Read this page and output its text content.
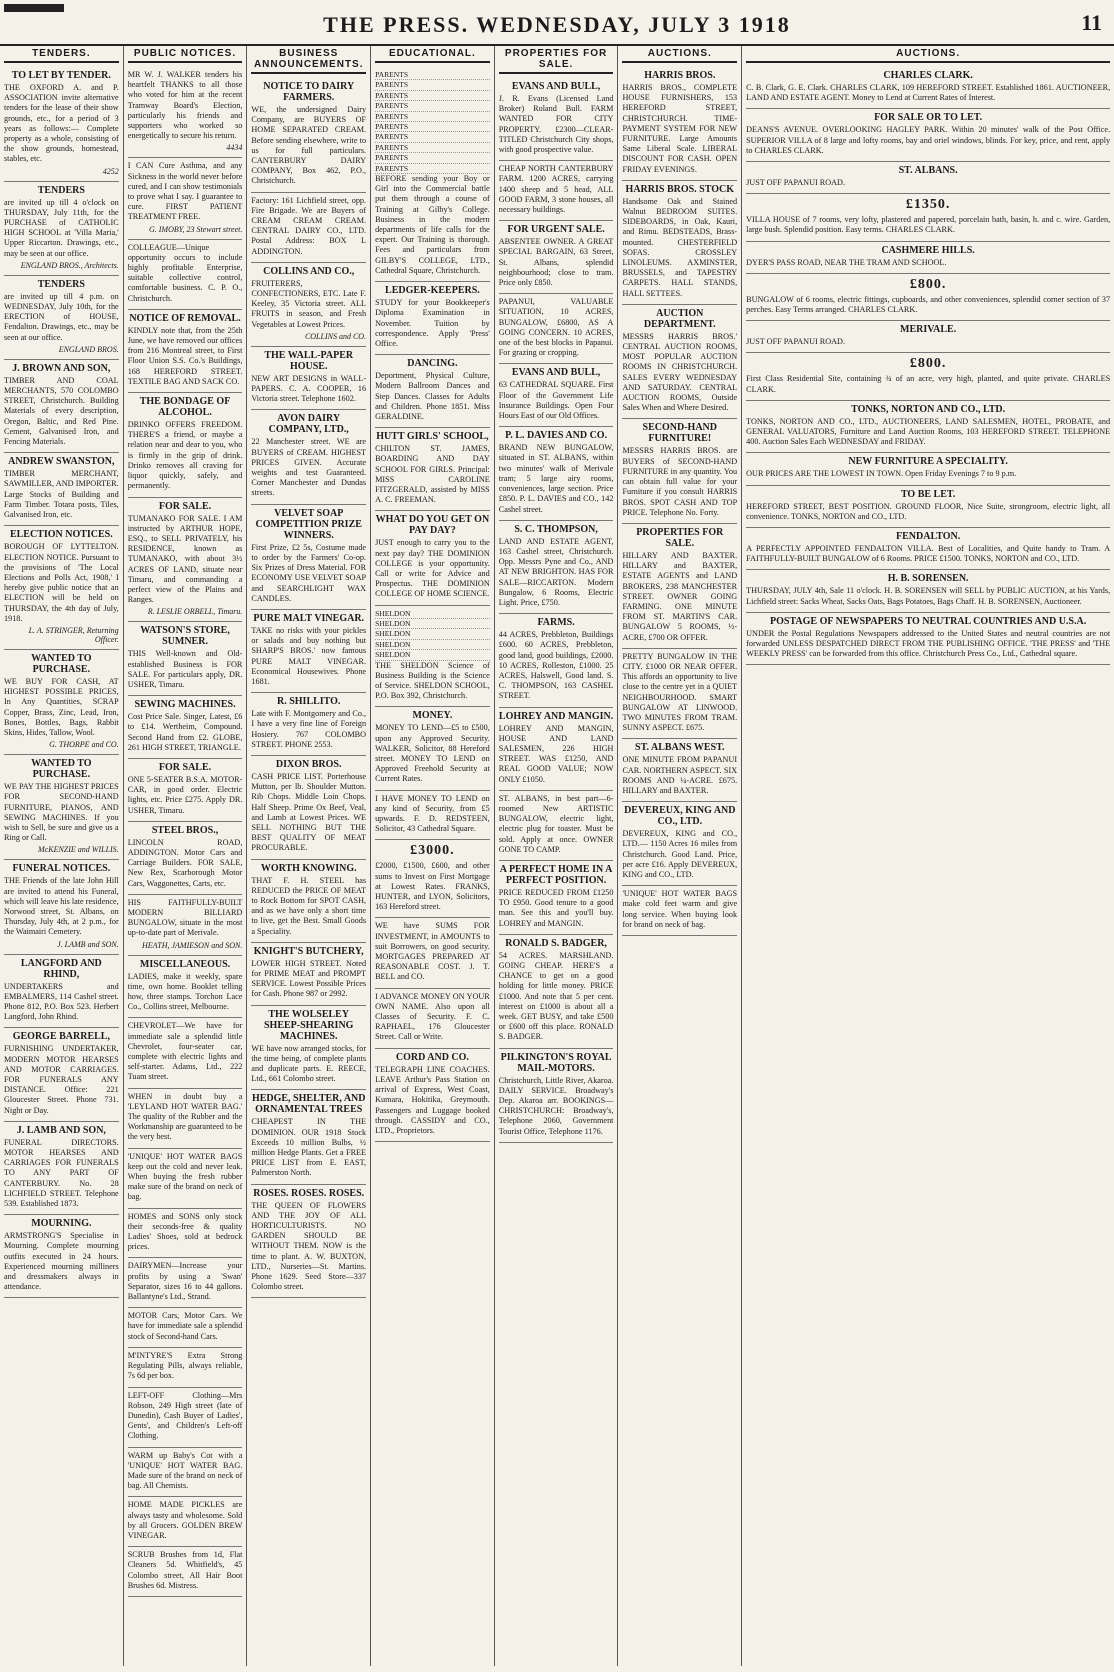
THE PRESS. WEDNESDAY, JULY 3 1918	11
TENDERS.
TO LET BY TENDER.
THE OXFORD A. and P. ASSOCIATION invite alternative tenders for the lease of their show grounds, etc., for a period of 3 years as follows:— Complete property as a whole, consisting of the show grounds, homestead, stables, etc.
4252
TENDERS
are invited up till 4 o'clock on THURSDAY, July 11th, for the PURCHASE of CATHOLIC HIGH SCHOOL at 'Villa Maria,' Upper Riccarton. Drawings, etc., may be seen at our office.
ENGLAND BROS., Architects.
TENDERS
are invited up till 4 p.m. on WEDNESDAY, July 10th, for the ERECTION of HOUSE, Fendalton. Drawings, etc., may be seen at our office.
ENGLAND BROS.
J. BROWN AND SON,
TIMBER AND COAL MERCHANTS, 570 COLOMBO STREET, Christchurch. Building Materials of every description, Oregon, Baltic, and Red Pine. Cement, Galvanised Iron, and Fencing Materials.
ANDREW SWANSTON,
TIMBER MERCHANT, SAWMILLER, AND IMPORTER. Large Stocks of Building and Farm Timber. Totara posts, Tiles, Galvanised Iron, etc.
ELECTION NOTICES.
BOROUGH OF LYTTELTON. ELECTION NOTICE. Pursuant to the provisions of 'The Local Elections and Polls Act, 1908,' I hereby give public notice that an ELECTION will be held on THURSDAY, the 4th day of July, 1918.
L. A. STRINGER, Returning Officer.
WANTED TO PURCHASE.
WE BUY FOR CASH, AT HIGHEST POSSIBLE PRICES, In Any Quantities, SCRAP Copper, Brass, Zinc, Lead, Iron, Bones, Bottles, Bags, Rabbit Skins, Hides, Tallow, Wool.
G. THORPE and CO.
WANTED TO PURCHASE.
WE PAY THE HIGHEST PRICES FOR SECOND-HAND FURNITURE, PIANOS, AND SEWING MACHINES. If you wish to Sell, be sure and give us a Ring or Call.
McKENZIE and WILLIS.
FUNERAL NOTICES.
THE Friends of the late John Hill are invited to attend his Funeral, which will leave his late residence, Norwood street, St. Albans, on Thursday, July 4th, at 2 p.m., for the Waimairi Cemetery.
J. LAMB and SON.
LANGFORD AND RHIND,
UNDERTAKERS and EMBALMERS, 114 Cashel street. Phone 812, P.O. Box 523. Herbert Langford, John Rhind.
GEORGE BARRELL,
FURNISHING UNDERTAKER, MODERN MOTOR HEARSES AND MOTOR CARRIAGES. FOR FUNERALS ANY DISTANCE. Office: 221 Gloucester Street. Phone 731. Night or Day.
J. LAMB AND SON,
FUNERAL DIRECTORS. MOTOR HEARSES AND CARRIAGES FOR FUNERALS TO ANY PART OF CANTERBURY. No. 28 LICHFIELD STREET. Telephone 539. Established 1873.
MOURNING.
ARMSTRONG'S Specialise in Mourning. Complete mourning outfits executed in 24 hours. Experienced mourning milliners and dressmakers always in attendance.
PUBLIC NOTICES.
MR W. J. WALKER tenders his heartfelt THANKS to all those who voted for him at the recent Tramway Board's Election, particularly his friends and supporters who worked so energetically to secure his return.
4434
I CAN Cure Asthma, and any Sickness in the world never before cured, and I can show testimonials to prove what I say. I guarantee to cure. FIRST PATIENT TREATMENT FREE.
G. IMOBY, 23 Stewart street.
COLLEAGUE—Unique opportunity occurs to include highly profitable Enterprise, suitable collective control, comfortable business. C. P. O., Christchurch.
NOTICE OF REMOVAL.
KINDLY note that, from the 25th June, we have removed our offices from 216 Montreal street, to First Floor Union S.S. Co.'s Buildings, 168 HEREFORD STREET. TEXTILE BAG AND SACK CO.
THE BONDAGE OF ALCOHOL.
DRINKO OFFERS FREEDOM. THERE'S a friend, or maybe a relation near and dear to you, who is firmly in the grip of drink. Drinko removes all craving for liquor quickly, safely, and permanently.
FOR SALE.
TUMANAKO FOR SALE. I AM instructed by ARTHUR HOPE, ESQ., to SELL PRIVATELY, his RESIDENCE, known as TUMANAKO, with about 3½ ACRES OF LAND, situate near Timaru, and commanding a perfect view of the Plains and Ranges.
R. LESLIE ORBELL, Timaru.
WATSON'S STORE, SUMNER.
THIS Well-known and Old-established Business is FOR SALE. For particulars apply, DR. USHER, Timaru.
SEWING MACHINES.
Cost Price Sale. Singer, Latest, £6 to £14. Wertheim, Compound. Second Hand from £2. GLOBE, 261 HIGH STREET, TRIANGLE.
FOR SALE.
ONE 5-SEATER B.S.A. MOTOR-CAR, in good order. Electric lights, etc. Price £275. Apply DR. USHER, Timaru.
STEEL BROS.,
LINCOLN ROAD, ADDINGTON. Motor Cars and Carriage Builders. FOR SALE, New Rex, Scarborough Motor Cars, Waggonettes, Carts, etc.
HIS FAITHFULLY-BUILT MODERN BILLIARD BUNGALOW, situate in the most up-to-date part of Merivale.
HEATH, JAMIESON and SON.
MISCELLANEOUS.
LADIES, make it weekly, spare time, own home. Booklet telling how, three stamps. Torchon Lace Co., Collins street, Melbourne.
CHEVROLET—We have for immediate sale a splendid little Chevrolet, four-seater car, complete with electric lights and self-starter. Adams, Ltd., 222 Tuam street.
WHEN in doubt buy a 'LEYLAND HOT WATER BAG.' The quality of the Rubber and the Workmanship are guaranteed to be the very best.
'UNIQUE' HOT WATER BAGS keep out the cold and never leak. When buying the fresh rubber make sure of the brand on neck of bag.
HOMES and SONS only stock their seconds-free & quality Ladies' Shoes, sold at bedrock prices.
DAIRYMEN—Increase your profits by using a 'Swan' Separator, sizes 16 to 44 gallons. Ballantyne's Ltd., Strand.
MOTOR Cars, Motor Cars. We have for immediate sale a splendid stock of Second-hand Cars.
M'INTYRE'S Extra Strong Regulating Pills, always reliable, 7s 6d per box.
LEFT-OFF Clothing—Mrs Robson, 249 High street (late of Dunedin), Cash Buyer of Ladies', Gents', and Children's Left-off Clothing.
WARM up Baby's Cot with a 'UNIQUE' HOT WATER BAG. Made sure of the brand on neck of bag. All Chemists.
HOME MADE PICKLES are always tasty and wholesome. Sold by all Grocers. GOLDEN BREW VINEGAR.
SCRUB Brushes from 1d, Flat Cleaners 5d. Whitfield's, 45 Colombo street, All Hair Boot Brushes 6d. Mistress.
BUSINESS ANNOUNCEMENTS.
NOTICE TO DAIRY FARMERS.
WE, the undersigned Dairy Company, are BUYERS OF HOME SEPARATED CREAM. Before sending elsewhere, write to us for full particulars. CANTERBURY DAIRY COMPANY, Box 462, P.O., Christchurch.
Factory: 161 Lichfield street, opp. Fire Brigade. We are Buyers of CREAM CREAM CREAM. CENTRAL DAIRY CO., LTD. Postal Address: BOX L ADDINGTON.
COLLINS AND CO.,
FRUITERERS, CONFECTIONERS, ETC. Late F. Keeley, 35 Victoria street. ALL FRUITS in season, and Fresh Vegetables at Lowest Prices.
COLLINS and CO.
THE WALL-PAPER HOUSE.
NEW ART DESIGNS in WALL-PAPERS. C. A. COOPER, 16 Victoria street. Telephone 1602.
AVON DAIRY COMPANY, LTD.,
22 Manchester street. WE are BUYERS of CREAM. HIGHEST PRICES GIVEN. Accurate weights and test Guaranteed. Corner Manchester and Dundas streets.
VELVET SOAP COMPETITION PRIZE WINNERS.
First Prize, £2 5s, Costume made to order by the Farmers' Co-op. Six Prizes of Dress Material. FOR ECONOMY USE VELVET SOAP and SEARCHLIGHT WAX CANDLES.
PURE MALT VINEGAR.
TAKE no risks with your pickles or salads and buy nothing but SHARP'S BROS.' now famous PURE MALT VINEGAR. Economical Housewives. Phone 1681.
R. SHILLITO.
Late with F. Montgomery and Co., I have a very fine line of Foreign Hosiery. 767 COLOMBO STREET. PHONE 2553.
DIXON BROS.
CASH PRICE LIST. Porterhouse Mutton, per lb. Shoulder Mutton. Rib Chops. Middle Loin Chops. Half Sheep. Prime Ox Beef, Veal, and Lamb at Lowest Prices. WE SELL NOTHING BUT THE BEST QUALITY OF MEAT PROCURABLE.
WORTH KNOWING.
THAT F. H. STEEL has REDUCED the PRICE OF MEAT to Rock Bottom for SPOT CASH, and as we have only a short time to live, get the Best. Small Goods a Speciality.
KNIGHT'S BUTCHERY,
LOWER HIGH STREET. Noted for PRIME MEAT and PROMPT SERVICE. Lowest Possible Prices for Cash. Phone 987 or 2992.
THE WOLSELEY SHEEP-SHEARING MACHINES.
WE have now arranged stocks, for the time being, of complete plants and duplicate parts. E. REECE, Ltd., 661 Colombo street.
HEDGE, SHELTER, AND ORNAMENTAL TREES
CHEAPEST IN THE DOMINION. OUR 1918 Stock Exceeds 10 million Bulbs, ½ million Hedge Plants. Get a FREE PRICE LIST from E. EAST, Palmerston North.
ROSES. ROSES. ROSES.
THE QUEEN OF FLOWERS AND THE JOY OF ALL HORTICULTURISTS. NO GARDEN SHOULD BE WITHOUT THEM. NOW is the time to plant. A. W. BUXTON, LTD., Nurseries—St. Martins. Phone 1629. Seed Store—337 Colombo street.
EDUCATIONAL.
PARENTS
PARENTS
PARENTS
PARENTS
PARENTS
PARENTS
PARENTS
PARENTS
PARENTS
PARENTS
BEFORE sending your Boy or Girl into the Commercial battle put them through a course of Training at Gilby's College. Business in the modern departments of life calls for the expert. Our Training is thorough. Fees and particulars from GILBY'S COLLEGE, LTD., Cathedral Square, Christchurch.
LEDGER-KEEPERS.
STUDY for your Bookkeeper's Diploma Examination in November. Tuition by correspondence. Apply 'Press' Office.
DANCING.
Deportment, Physical Culture, Modern Ballroom Dances and Step Dances. Classes for Adults and Children. Phone 1851. Miss GERALDINE.
HUTT GIRLS' SCHOOL,
CHILTON ST. JAMES, BOARDING AND DAY SCHOOL FOR GIRLS. Principal: MISS CAROLINE FITZGERALD, assisted by MISS A. C. FREEMAN.
WHAT DO YOU GET ON PAY DAY?
JUST enough to carry you to the next pay day? THE DOMINION COLLEGE is your opportunity. Call or write for Advice and Prospectus. THE DOMINION COLLEGE OF HOME SCIENCE.
SHELDON
SHELDON
SHELDON
SHELDON
SHELDON
THE SHELDON Science of Business Building is the Science of Service. SHELDON SCHOOL, P.O. Box 392, Christchurch.
MONEY.
MONEY TO LEND—£5 to £500, upon any Approved Security. WALKER, Solicitor, 88 Hereford street. MONEY TO LEND on Approved Freehold Security at Current Rates.
I HAVE MONEY TO LEND on any kind of Security, from £5 upwards. F. D. REDSTEEN, Solicitor, 43 Cathedral Square.
£3000.
£2000, £1500, £600, and other sums to Invest on First Mortgage at Lowest Rates. FRANKS, HUNTER, and LYON, Solicitors, 163 Hereford street.
WE have SUMS FOR INVESTMENT, in AMOUNTS to suit Borrowers, on good security. MORTGAGES PREPARED AT REASONABLE COST. J. T. BELL and CO.
I ADVANCE MONEY ON YOUR OWN NAME. Also upon all Classes of Security. F. C. RAPHAEL, 176 Gloucester Street. Call or Write.
CORD AND CO.
TELEGRAPH LINE COACHES. LEAVE Arthur's Pass Station on arrival of Express, West Coast, Kumara, Hokitika, Greymouth. Passengers and Luggage booked through. CASSIDY and CO., LTD., Proprietors.
PROPERTIES FOR SALE.
EVANS AND BULL,
J. R. Evans (Licensed Land Broker) Roland Bull. FARM WANTED FOR CITY PROPERTY. £2300—CLEAR-TITLED Christchurch City shops, with good prospective value.
CHEAP NORTH CANTERBURY FARM. 1200 ACRES, carrying 1400 sheep and 5 head, ALL GOOD FARM, 3 stone houses, all necessary buildings.
FOR URGENT SALE.
ABSENTEE OWNER. A GREAT SPECIAL BARGAIN, 63 Street, St. Albans, splendid neighbourhood; close to tram. Price only £850.
PAPANUI, VALUABLE SITUATION, 10 ACRES, BUNGALOW, £6800, AS A GOING CONCERN. 10 ACRES, one of the best blocks in Papanui. For grazing or cropping.
EVANS AND BULL,
63 CATHEDRAL SQUARE. First Floor of the Government Life Insurance Buildings. Open Four Hours East of our Old Offices.
P. L. DAVIES AND CO.
BRAND NEW BUNGALOW, situated in ST. ALBANS, within two minutes' walk of Merivale tram; 5 large airy rooms, conveniences, large section. Price £850. P. L. DAVIES and CO., 142 Cashel street.
S. C. THOMPSON,
LAND AND ESTATE AGENT, 163 Cashel street, Christchurch. Opp. Messrs Pyne and Co., AND AT NEW BRIGHTON. HAS FOR SALE—RICCARTON. Modern Bungalow, 6 Rooms, Electric Light. Price, £750.
FARMS.
44 ACRES, Prebbleton, Buildings £600. 60 ACRES, Prebbleton, good land, good buildings, £2000. 10 ACRES, Rolleston, £1000. 25 ACRES, Halswell, Good land. S. C. THOMPSON, 163 CASHEL STREET.
LOHREY AND MANGIN.
LOHREY AND MANGIN, HOUSE AND LAND SALESMEN, 226 HIGH STREET. WAS £1250, AND REAL GOOD VALUE; NOW ONLY £1050.
ST. ALBANS, in best part—6-roomed New ARTISTIC BUNGALOW, electric light, electric plug for toaster. Must be sold. Apply at once. OWNER GONE TO CAMP.
A PERFECT HOME IN A PERFECT POSITION.
PRICE REDUCED FROM £1250 TO £950. Good tenure to a good man. See this and you'll buy. LOHREY and MANGIN.
RONALD S. BADGER,
54 ACRES. MARSHLAND. GOING CHEAP. HERE'S a CHANCE to get on a good holding for little money. PRICE £1000. And note that 5 per cent. interest on £1000 is about all a week. GET BUSY, and take £500 or £600 off this place. RONALD S. BADGER.
PILKINGTON'S ROYAL MAIL-MOTORS.
Christchurch, Little River, Akaroa. DAILY SERVICE. Broadway's Dep. Akaroa arr. BOOKINGS—CHRISTCHURCH: Broadway's, Telephone 2060, Government Tourist Office, Telephone 1176.
AUCTIONS.
HARRIS BROS.
HARRIS BROS., COMPLETE HOUSE FURNISHERS, 153 HEREFORD STREET, CHRISTCHURCH. TIME-PAYMENT SYSTEM FOR NEW FURNITURE. Large Amounts Same Liberal Scale. LIBERAL DISCOUNT FOR CASH. OPEN FRIDAY EVENINGS.
HARRIS BROS. STOCK
Handsome Oak and Stained Walnut BEDROOM SUITES. SIDEBOARDS, in Oak, Kauri, and Rimu. BEDSTEADS, Brass-mounted. CHESTERFIELD SOFAS. CROSSLEY LINOLEUMS. AXMINSTER, BRUSSELS, and TAPESTRY CARPETS. HALL STANDS, HALL SETTEES.
AUCTION DEPARTMENT.
MESSRS HARRIS BROS.' CENTRAL AUCTION ROOMS, MOST POPULAR AUCTION ROOMS IN CHRISTCHURCH. SALES EVERY WEDNESDAY AND SATURDAY. CENTRAL AUCTION ROOMS, Outside Sales When and Where Desired.
SECOND-HAND FURNITURE!
MESSRS HARRIS BROS. are BUYERS of SECOND-HAND FURNITURE in any quantity. You can obtain full value for your Furniture if you consult HARRIS BROS. SPOT CASH AND TOP PRICE. Telephone No. Forty.
PROPERTIES FOR SALE.
HILLARY AND BAXTER. HILLARY and BAXTER, ESTATE AGENTS and LAND BROKERS, 238 MANCHESTER STREET. OWNER GOING FARMING. ONE MINUTE FROM ST. MARTIN'S CAR. BUNGALOW 5 ROOMS, ½-ACRE, £700 OR OFFER.
PRETTY BUNGALOW IN THE CITY. £1000 OR NEAR OFFER. This affords an opportunity to live close to the centre yet in a QUIET NEIGHBOURHOOD. SMART BUNGALOW AT LINWOOD. TWO MINUTES FROM TRAM. SUNNY ASPECT. £675.
ST. ALBANS WEST.
ONE MINUTE FROM PAPANUI CAR. NORTHERN ASPECT. SIX ROOMS AND ¼-ACRE. £675. HILLARY and BAXTER.
DEVEREUX, KING AND CO., LTD.
DEVEREUX, KING and CO., LTD.— 1150 Acres 16 miles from Christchurch. Good Land. Price, per acre £16. Apply DEVEREUX, KING and CO., LTD.
'UNIQUE' HOT WATER BAGS make cold feet warm and give long service. When buying look for brand on neck of bag.
AUCTIONS.
CHARLES CLARK.
C. B. Clark, G. E. Clark. CHARLES CLARK, 109 HEREFORD STREET. Established 1861. AUCTIONEER, LAND AND ESTATE AGENT. Money to Lend at Current Rates of Interest.
FOR SALE OR TO LET.
DEANS'S AVENUE. OVERLOOKING HAGLEY PARK. Within 20 minutes' walk of the Post Office. SUPERIOR VILLA of 8 large and lofty rooms, bay and oriel windows, blinds. For key, price, and rent, apply to CHARLES CLARK.
ST. ALBANS.
JUST OFF PAPANUI ROAD.
£1350.
VILLA HOUSE of 7 rooms, very lofty, plastered and papered, porcelain bath, basin, h. and c. wire. Garden, large bush. Splendid position. Easy terms. CHARLES CLARK.
CASHMERE HILLS.
DYER'S PASS ROAD, NEAR THE TRAM AND SCHOOL.
£800.
BUNGALOW of 6 rooms, electric fittings, cupboards, and other conveniences, splendid corner section of 37 perches. Easy Terms arranged. CHARLES CLARK.
MERIVALE.
JUST OFF PAPANUI ROAD.
£800.
First Class Residential Site, containing ¾ of an acre, very high, planted, and quite private. CHARLES CLARK.
TONKS, NORTON AND CO., LTD.
TONKS, NORTON AND CO., LTD., AUCTIONEERS, LAND SALESMEN, HOTEL, PROBATE, and GENERAL VALUATORS, Furniture and Land Auction Rooms, 103 HEREFORD STREET. TELEPHONE 400. Auction Sales Each WEDNESDAY and FRIDAY.
NEW FURNITURE A SPECIALITY.
OUR PRICES ARE THE LOWEST IN TOWN. Open Friday Evenings 7 to 9 p.m.
TO BE LET.
HEREFORD STREET, BEST POSITION. GROUND FLOOR, Nice Suite, strongroom, electric light, all convenience. TONKS, NORTON and CO., LTD.
FENDALTON.
A PERFECTLY APPOINTED FENDALTON VILLA. Best of Localities, and Quite handy to Tram. A FAITHFULLY-BUILT BUNGALOW of 6 Rooms. PRICE £1500. TONKS, NORTON and CO., LTD.
H. B. SORENSEN.
THURSDAY, JULY 4th, Sale 11 o'clock. H. B. SORENSEN will SELL by PUBLIC AUCTION, at his Yards, Lichfield street: Sacks Wheat, Sacks Oats, Bags Potatoes, Bags Chaff. H. B. SORENSEN, Auctioneer.
POSTAGE OF NEWSPAPERS TO NEUTRAL COUNTRIES AND U.S.A.
UNDER the Postal Regulations Newspapers addressed to the United States and neutral countries are not forwarded UNLESS DESPATCHED DIRECT FROM THE PUBLISHING OFFICE. 'THE PRESS' and 'THE WEEKLY PRESS' can be forwarded from this office. Christchurch Press Co., Ltd., Cathedral square.
